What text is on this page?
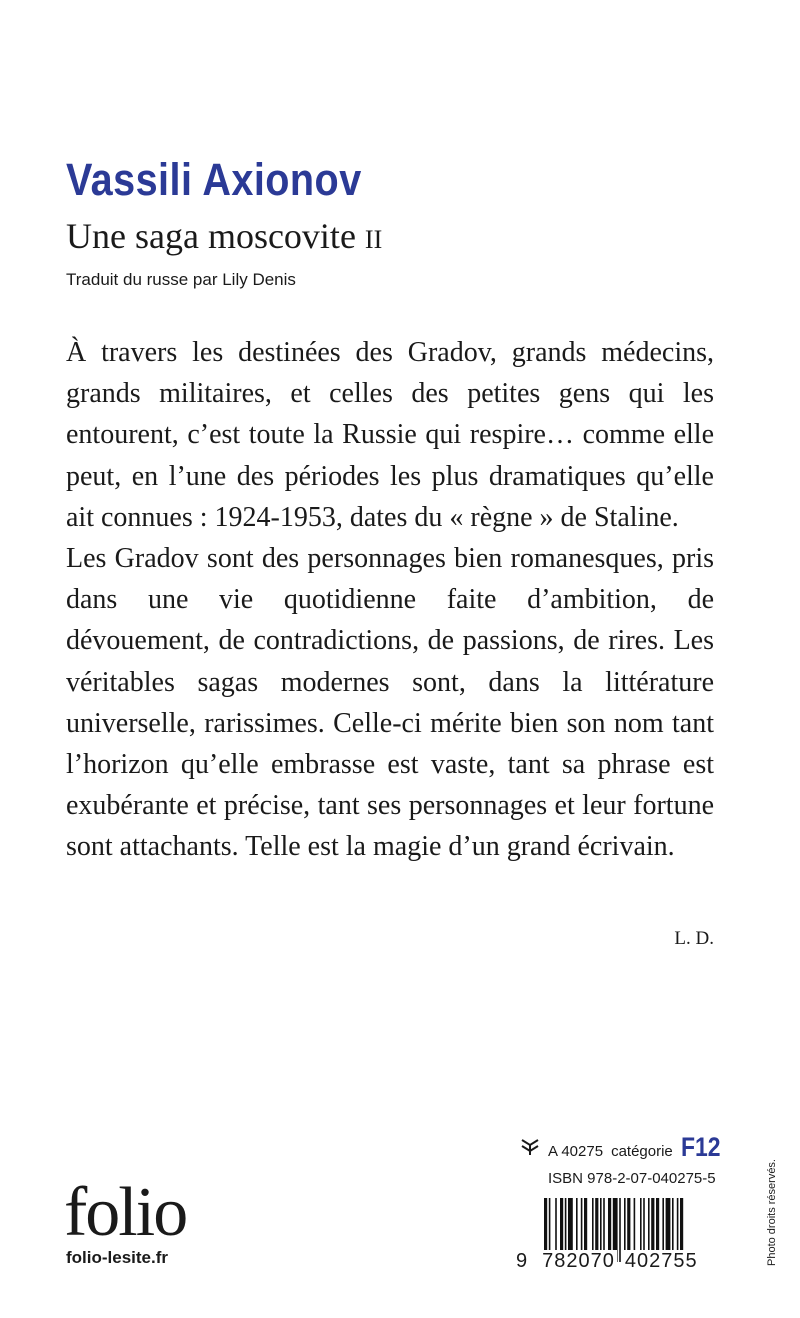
Vassili Axionov
Une saga moscovite II
Traduit du russe par Lily Denis

À travers les destinées des Gradov, grands médecins, grands militaires, et celles des petites gens qui les entourent, c’est toute la Russie qui respire… comme elle peut, en l’une des périodes les plus dramatiques qu’elle ait connues : 1924-1953, dates du « règne » de Staline.

Les Gradov sont des personnages bien romanesques, pris dans une vie quotidienne faite d’ambition, de dévouement, de contradictions, de passions, de rires. Les véritables sagas modernes sont, dans la littérature universelle, rarissimes. Celle-ci mérite bien son nom tant l’horizon qu’elle embrasse est vaste, tant sa phrase est exubérante et précise, tant ses personnages et leur fortune sont attachants. Telle est la magie d’un grand écrivain.

L. D.
folio
folio-lesite.fr
A 40275 catégorie F12
ISBN 978-2-07-040275-5
9 782070 402755	Photo droits réservés.
